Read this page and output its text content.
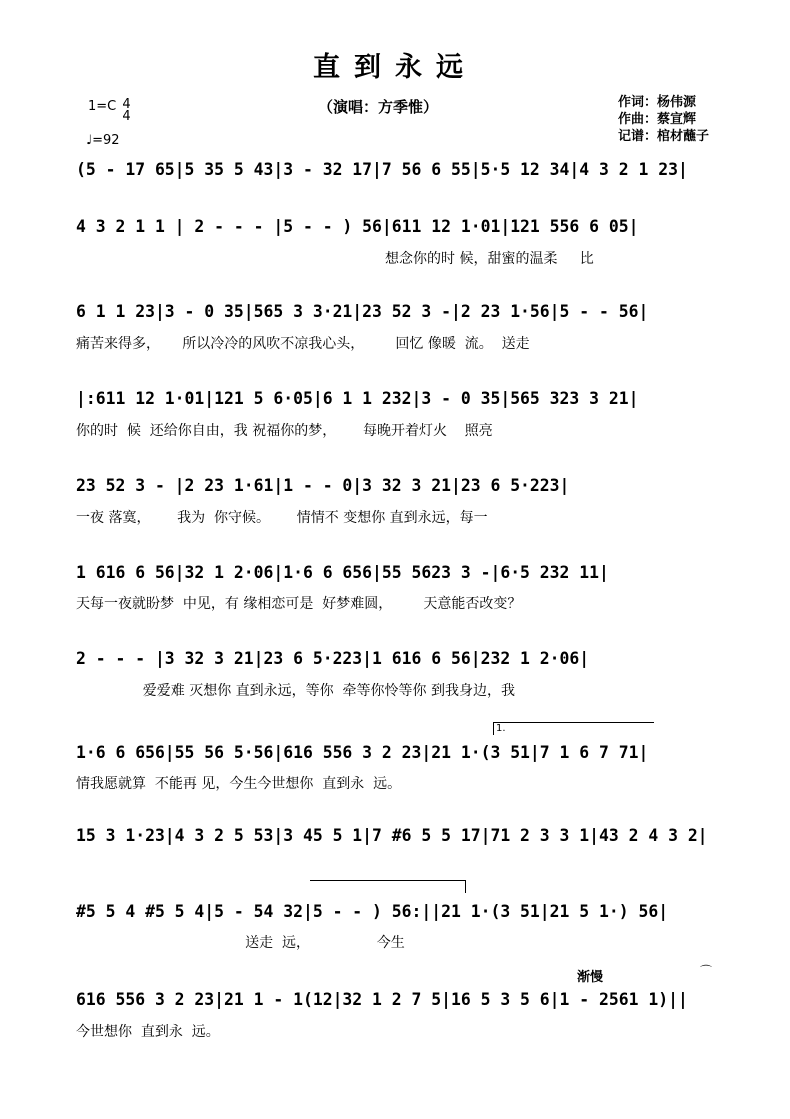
直到永远
（演唱：方季惟）	作词：杨伟源
作曲：蔡宣辉
记谱：棺材蘸子
1=C 4
4
♩=92
(5 - 17 65|5 35 5 43|3 - 32 17|7 56 6 55|5·5 12 34|4 3 2 1 23|
4 3 2 1 1 | 2 - - - |5 - - ) 56|611 12 1·01|121 556 6 05|
想念你的时 候，甜蜜的温柔     比
6 1 1 23|3 - 0 35|565 3 3·21|23 52 3 -|2 23 1·56|5 - - 56|
痛苦来得多，     所以冷冷的风吹不凉我心头，       回忆 像暖  流。  送走
|:611 12 1·01|121 5 6·05|6 1 1 232|3 - 0 35|565 323 3 21|
你的时  候  还给你自由，我 祝福你的梦，      每晚开着灯火    照亮
23 52 3 - |2 23 1·61|1 - - 0|3 32 3 21|23 6 5·223|
一夜 落寞，      我为  你守候。      情情不 变想你 直到永远，每一
1 616 6 56|32 1 2·06|1·6 6 656|55 5623 3 -|6·5 232 11|
天每一夜就盼梦  中见，有 缘相恋可是  好梦难圆，       天意能否改变？
2 - - - |3 32 3 21|23 6 5·223|1 616 6 56|232 1 2·06|
爱爱难 灭想你 直到永远，等你  牵等你怜等你 到我身边，我
1.
1·6 6 656|55 56 5·56|616 556 3 2 23|21 1·(3 51|7 1 6 7 71|
情我愿就算  不能再 见，今生今世想你  直到永  远。
15 3 1·23|4 3 2 5 53|3 45 5 1|7 #6 5 5 17|71 2 3 3 1|43 2 4 3 2|
#5 5 4 #5 5 4|5 - 54 32|5 - - ) 56:||21 1·(3 51|21 5 1·) 56|
送走  远，               今生
渐慢	⌒
616 556 3 2 23|21 1 - 1(12|32 1 2 7 5|16 5 3 5 6|1 - 2561 1)||
今世想你  直到永  远。
